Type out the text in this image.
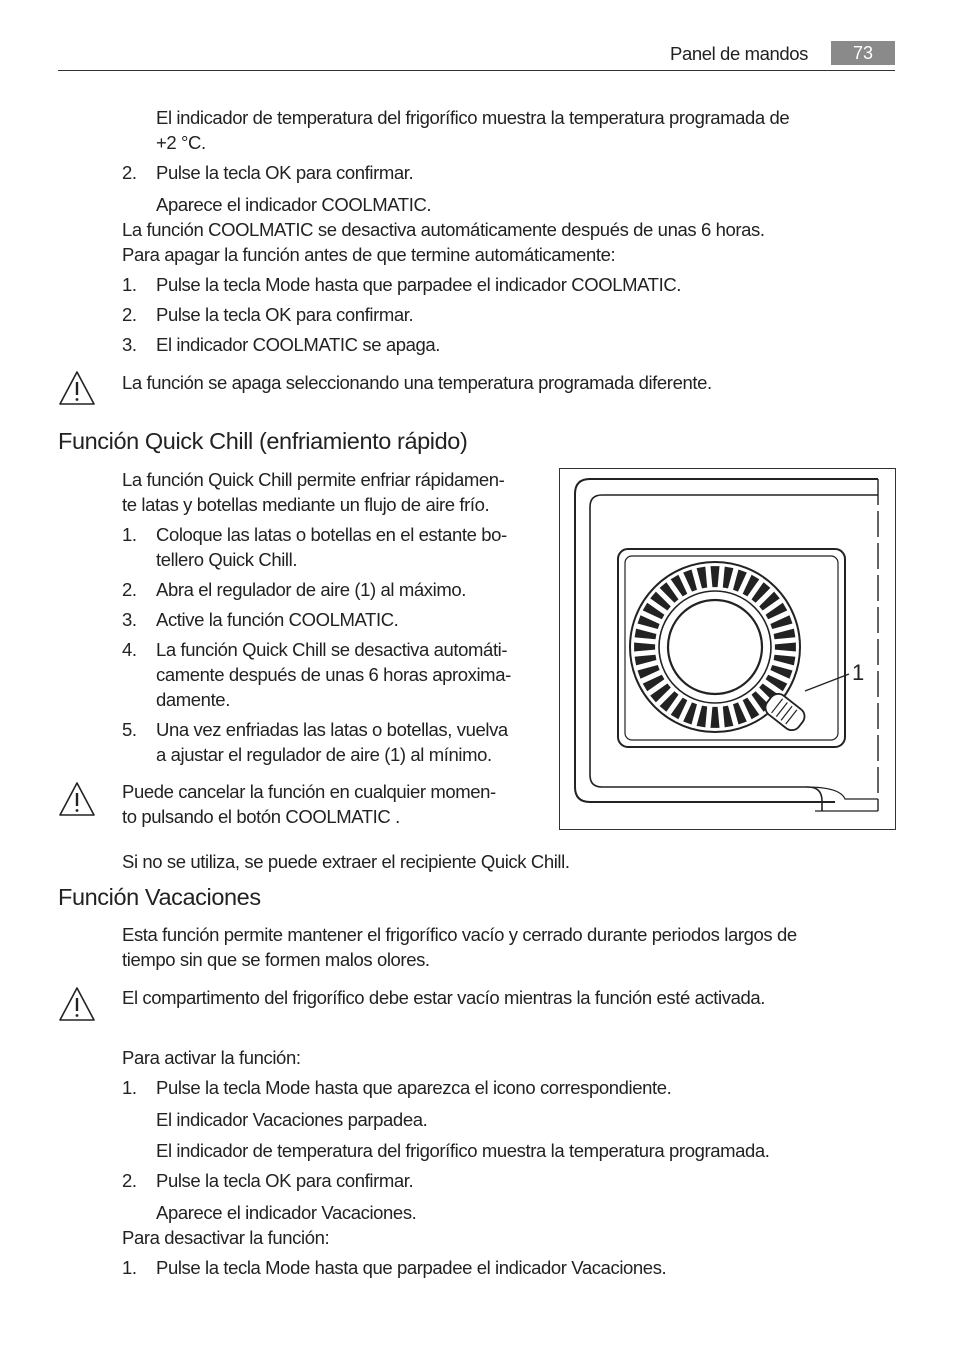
Panel de mandos	73
El indicador de temperatura del frigorífico muestra la temperatura programada de
+2 °C.
2. Pulse la tecla OK para confirmar.
Aparece el indicador COOLMATIC.
La función COOLMATIC se desactiva automáticamente después de unas 6 horas.
Para apagar la función antes de que termine automáticamente:
1. Pulse la tecla Mode hasta que parpadee el indicador COOLMATIC.
2. Pulse la tecla OK para confirmar.
3. El indicador COOLMATIC se apaga.
La función se apaga seleccionando una temperatura programada diferente.
Función Quick Chill (enfriamiento rápido)
La función Quick Chill permite enfriar rápidamen-
te latas y botellas mediante un flujo de aire frío.
1. Coloque las latas o botellas en el estante bo-
tellero Quick Chill.
2. Abra el regulador de aire (1) al máximo.
3. Active la función COOLMATIC.
4. La función Quick Chill se desactiva automáti-
camente después de unas 6 horas aproxima-
damente.
5. Una vez enfriadas las latas o botellas, vuelva
a ajustar el regulador de aire (1) al mínimo.
Puede cancelar la función en cualquier momen-
to pulsando el botón COOLMATIC .
1
Si no se utiliza, se puede extraer el recipiente Quick Chill.
Función Vacaciones
Esta función permite mantener el frigorífico vacío y cerrado durante periodos largos de
tiempo sin que se formen malos olores.
El compartimento del frigorífico debe estar vacío mientras la función esté activada.
Para activar la función:
1. Pulse la tecla Mode hasta que aparezca el icono correspondiente.
El indicador Vacaciones parpadea.
El indicador de temperatura del frigorífico muestra la temperatura programada.
2. Pulse la tecla OK para confirmar.
Aparece el indicador Vacaciones.
Para desactivar la función:
1. Pulse la tecla Mode hasta que parpadee el indicador Vacaciones.
